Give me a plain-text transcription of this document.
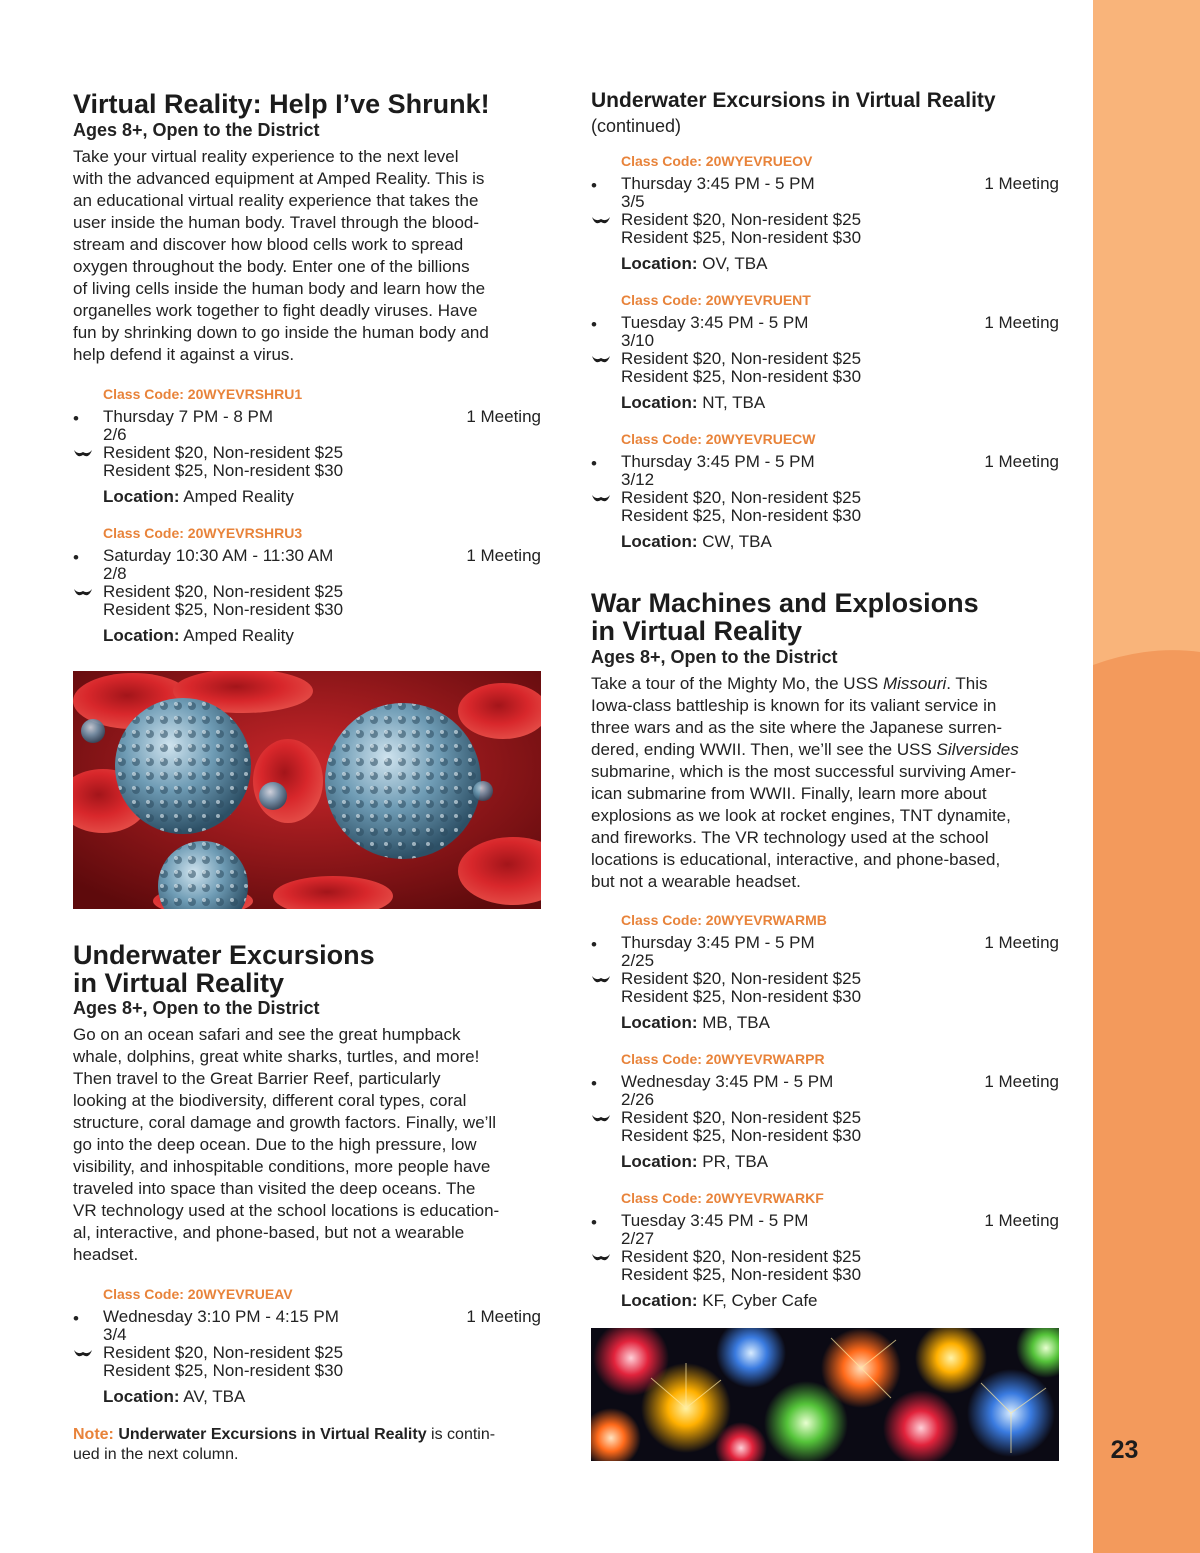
23
Virtual Reality: Help I’ve Shrunk!
Ages 8+, Open to the District

Take your virtual reality experience to the next level
with the advanced equipment at Amped Reality. This is
an educational virtual reality experience that takes the
user inside the human body. Travel through the blood-
stream and discover how blood cells work to spread
oxygen throughout the body. Enter one of the billions
of living cells inside the human body and learn how the
organelles work together to fight deadly viruses. Have
fun by shrinking down to go inside the human body and
help defend it against a virus.

Class Code: 20WYEVRSHRU1
• Thursday 7 PM - 8 PM	1 Meeting
2/6
Resident $20, Non-resident $25
Resident $25, Non-resident $30
Location: Amped Reality
Class Code: 20WYEVRSHRU3
• Saturday 10:30 AM - 11:30 AM	1 Meeting
2/8
Resident $20, Non-resident $25
Resident $25, Non-resident $30
Location: Amped Reality
Underwater Excursions
in Virtual Reality
Ages 8+, Open to the District

Go on an ocean safari and see the great humpback
whale, dolphins, great white sharks, turtles, and more!
Then travel to the Great Barrier Reef, particularly
looking at the biodiversity, different coral types, coral
structure, coral damage and growth factors. Finally, we’ll
go into the deep ocean. Due to the high pressure, low
visibility, and inhospitable conditions, more people have
traveled into space than visited the deep oceans. The
VR technology used at the school locations is education-
al, interactive, and phone-based, but not a wearable
headset.

Class Code: 20WYEVRUEAV
• Wednesday 3:10 PM - 4:15 PM	1 Meeting
3/4
Resident $20, Non-resident $25
Resident $25, Non-resident $30
Location: AV, TBA
Note: Underwater Excursions in Virtual Reality is contin-
ued in the next column.
Underwater Excursions in Virtual Reality
(continued)
Class Code: 20WYEVRUEOV
• Thursday 3:45 PM - 5 PM	1 Meeting
3/5
Resident $20, Non-resident $25
Resident $25, Non-resident $30
Location: OV, TBA
Class Code: 20WYEVRUENT
• Tuesday 3:45 PM - 5 PM	1 Meeting
3/10
Resident $20, Non-resident $25
Resident $25, Non-resident $30
Location: NT, TBA
Class Code: 20WYEVRUECW
• Thursday 3:45 PM - 5 PM	1 Meeting
3/12
Resident $20, Non-resident $25
Resident $25, Non-resident $30
Location: CW, TBA
War Machines and Explosions
in Virtual Reality
Ages 8+, Open to the District

Take a tour of the Mighty Mo, the USS Missouri. This
Iowa-class battleship is known for its valiant service in
three wars and as the site where the Japanese surren-
dered, ending WWII. Then, we’ll see the USS Silversides
submarine, which is the most successful surviving Amer-
ican submarine from WWII. Finally, learn more about
explosions as we look at rocket engines, TNT dynamite,
and fireworks. The VR technology used at the school
locations is educational, interactive, and phone-based,
but not a wearable headset.

Class Code: 20WYEVRWARMB
• Thursday 3:45 PM - 5 PM	1 Meeting
2/25
Resident $20, Non-resident $25
Resident $25, Non-resident $30
Location: MB, TBA
Class Code: 20WYEVRWARPR
• Wednesday 3:45 PM - 5 PM	1 Meeting
2/26
Resident $20, Non-resident $25
Resident $25, Non-resident $30
Location: PR, TBA
Class Code: 20WYEVRWARKF
• Tuesday 3:45 PM - 5 PM	1 Meeting
2/27
Resident $20, Non-resident $25
Resident $25, Non-resident $30
Location: KF, Cyber Cafe
